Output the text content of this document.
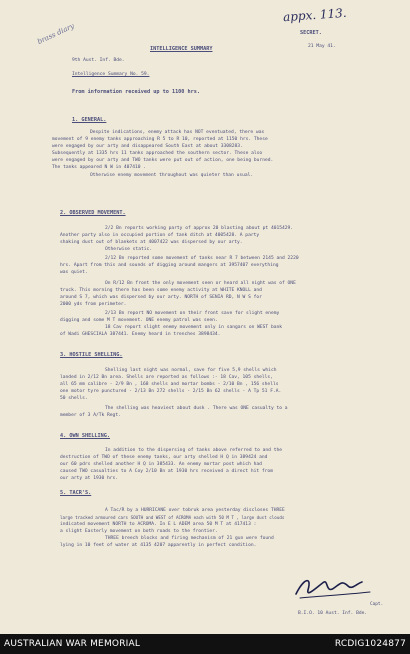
appx. 113.
brass diary	SECRET.
21 May 41.
INTELLIGENCE SUMMARY
9th Aust. Inf. Bde.
Intelligence Summary No. 59.
From information received up to 1100 hrs.
1. GENERAL.
Despite indications, enemy attack has NOT eventuated, there was
movement of 9 enemy tanks approaching R 5 to R 10, reported at 1150 hrs. These
were engaged by our arty and disappeared South East at about 3308283.
Subsequently at 1335 hrs 11 tanks approached the southern sector. These also
were engaged by our arty and TWO tanks were put out of action, one being burned.
The tanks appeared N W in 407410 .
Otherwise enemy movement throughout was quieter than usual.
2. OBSERVED MOVEMENT.
2/2 Bn reports working party of approx 20 blasting about pt 4015429.
Another party also in occupied portion of tank ditch at 4005428. A party
shaking dust out of blankets at 4007422 was dispersed by our arty.
Otherwise static.
2/12 Bn reported some movement of tanks near R 7 between 2145 and 2220
hrs. Apart from this and sounds of digging around mangers at 3957407 everything
was quiet.
On R/12 Bn front the only movement seen or heard all night was of ONE
truck. This morning there has been some enemy activity at WHITE KNOLL and
around S 7, which was dispersed by our arty. NORTH of SENIA RD, N W S for
2000 yds from perimeter.
2/13 Bn report NO movement on their front save for slight enemy
digging and some M T movement. ONE enemy patrol was seen.
18 Cav report slight enemy movement only in sangars on WEST bank
of Wadi GHESCIALA 387441. Enemy heard in trenches 3898434.
3. HOSTILE SHELLING.
Shelling last night was normal, save for five 5,9 shells which
landed in 2/12 Bn area. Shells are reported as follows :- 18 Cav, 105 shells,
all 65 mm calibre - 2/9 Bn , 168 shells and mortar bombs - 2/10 Bn , 156 shells
one motor tyre punctured - 2/13 Bn 272 shells - 2/15 Bn 62 shells - A Tp 51 F.A.
50 shells.
The shelling was heaviest about dusk . There was ONE casualty to a
member of 3 A/Tk Regt.
4. OWN SHELLING.
In addition to the dispersing of tanks above referred to and the
destruction of TWO of these enemy tanks, our arty shelled H Q in 389424 and
our 60 pdrs shelled another H Q in 385433. An enemy mortar post which had
caused TWO casualties to A Coy 2/10 Bn at 1930 hrs received a direct hit from
our arty at 1930 hrs.
5. TACR'S.
A Tac/R by a HURRICANE over tobruk area yesterday discloses THREE
large tracked armoured cars SOUTH and WEST of ACROMA each with 50 M T , large dust clouds
indicated movement NORTH to ACROMA. In E L ADEM area 50 M T at 417413 :
a slight Easterly movement on both roads to the frontier.
THREE breech blocks and firing mechanism of 21 gun were found
lying in 10 feet of water at 4135 4207 apparently in perfect condition.
Capt.
B.I.O. 10 Aust. Inf. Bde.
AUSTRALIAN WAR MEMORIAL	RCDIG1024877
